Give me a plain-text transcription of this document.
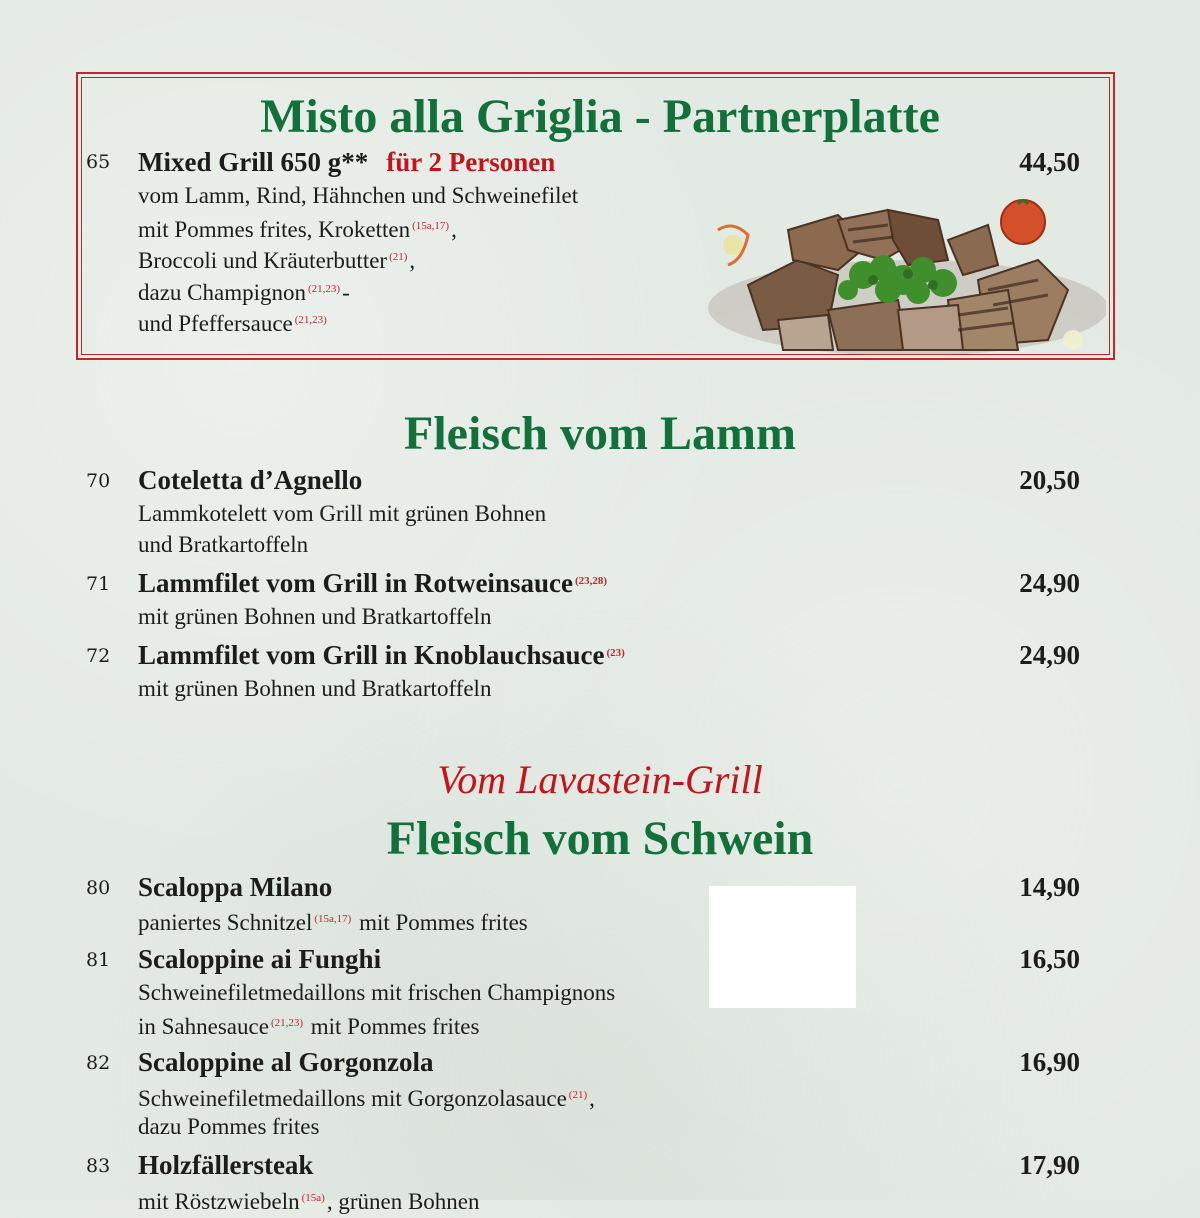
Misto alla Griglia - Partnerplatte
65	Mixed Grill 650 g** für 2 Personen	44,50
vom Lamm, Rind, Hähnchen und Schweinefilet
mit Pommes frites, Kroketten $^{(15a,17)}$,
Broccoli und Kräuterbutter $^{(21)}$,
dazu Champignon $^{(21,23)}$-
und Pfeffersauce $^{(21,23)}$
Fleisch vom Lamm
70	Coteletta d’Agnello	20,50
Lammkotelett vom Grill mit grünen Bohnen
und Bratkartoffeln
71	Lammfilet vom Grill in Rotweinsauce $^{(23,28)}$	24,90
mit grünen Bohnen und Bratkartoffeln
72	Lammfilet vom Grill in Knoblauchsauce $^{(23)}$	24,90
mit grünen Bohnen und Bratkartoffeln
Vom Lavastein-Grill
Fleisch vom Schwein
80	Scaloppa Milano	14,90
paniertes Schnitzel $^{(15a,17)}$ mit Pommes frites
81	Scaloppine ai Funghi	16,50
Schweinefiletmedaillons mit frischen Champignons
in Sahnesauce $^{(21,23)}$ mit Pommes frites
82	Scaloppine al Gorgonzola	16,90
Schweinefiletmedaillons mit Gorgonzolasauce $^{(21)}$,
dazu Pommes frites
83	Holzfällersteak	17,90
mit Röstzwiebeln $^{(15a)}$, grünen Bohnen
